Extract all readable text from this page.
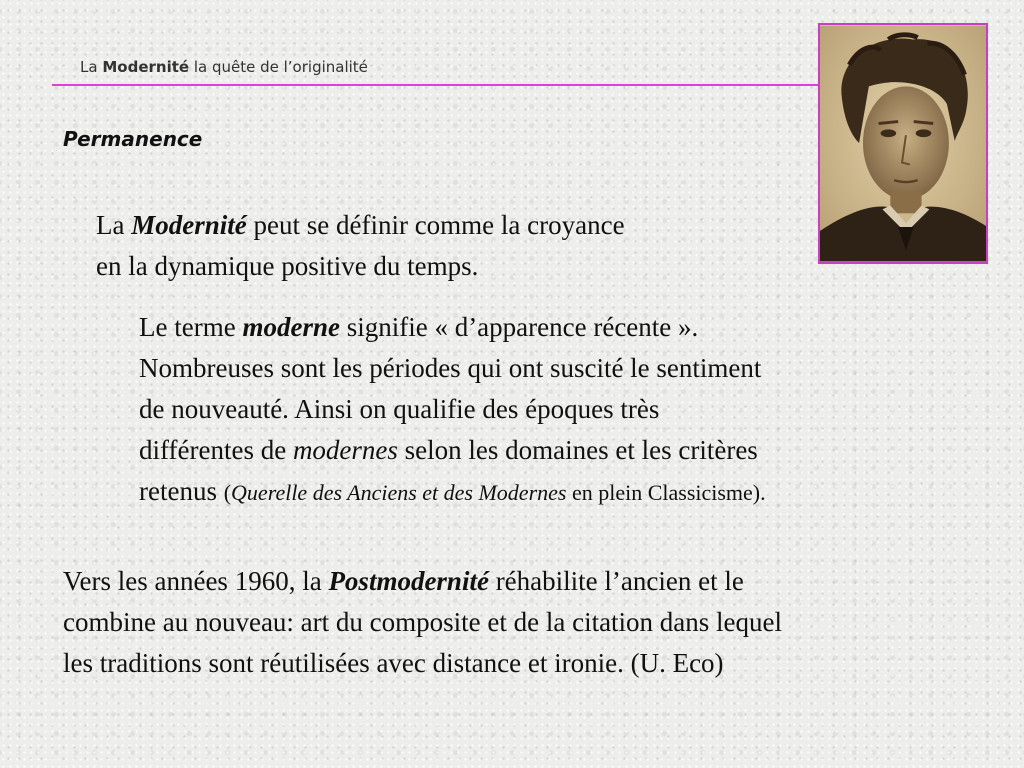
La Modernité la quête de l’originalité
Permanence
La Modernité peut se définir comme la croyance
en la dynamique positive du temps.
Le terme moderne signifie « d’apparence récente ».
Nombreuses sont les périodes qui ont suscité le sentiment
de nouveauté. Ainsi on qualifie des époques très
différentes de modernes selon les domaines et les critères
retenus (Querelle des Anciens et des Modernes en plein Classicisme).
Vers les années 1960, la Postmodernité réhabilite l’ancien et le
combine au nouveau: art du composite et de la citation dans lequel
les traditions sont réutilisées avec distance et ironie. (U. Eco)
